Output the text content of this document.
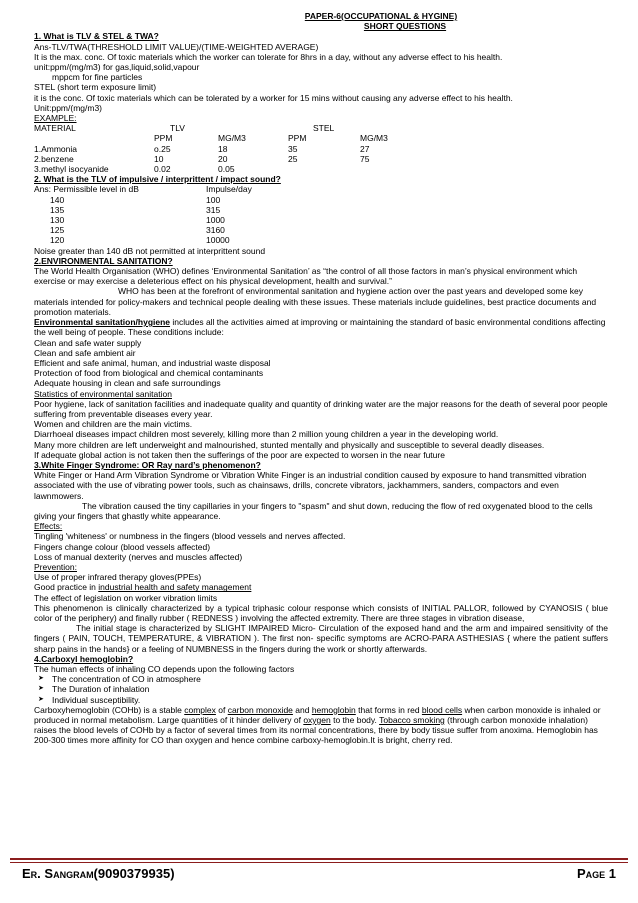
PAPER-6(OCCUPATIONAL & HYGINE)
SHORT QUESTIONS
1. What is TLV & STEL & TWA?
Ans-TLV/TWA(THRESHOLD LIMIT VALUE)/(TIME-WEIGHTED AVERAGE)
It is the max. conc. Of toxic materials which the worker can tolerate for 8hrs in a day, without any adverse effect to his health.
unit:ppm/(mg/m3) for gas,liquid,solid,vapour
mppcm for fine particles
STEL (short term exposure limit)
it is the conc. Of toxic materials which can be tolerated by a worker for 15 mins without causing any adverse effect to his health.
Unit:ppm/(mg/m3)
EXAMPLE:
MATERIAL	TLV	STEL
PPM	MG/M3	PPM	MG/M3
1.Ammonia	o.25	18	35	27
2.benzene	10	20	25	75
3.methyl isocyanide	0.02	0.05
2. What is the TLV of impulsive / interprittent / impact sound?
Ans: Permissible level in dB	Impulse/day
140	100
135	315
130	1000
125	3160
120	10000
Noise greater than 140 dB not permitted at interprittent sound
2.ENVIRONMENTAL SANITATION?
The World Health Organisation (WHO) defines ‘Environmental Sanitation’ as “the control of all those factors in man’s physical environment which exercise or may exercise a deleterious effect on his physical development, health and survival.”
WHO has been at the forefront of environmental sanitation and hygiene action over the past years and developed some key materials intended for policy-makers and technical people dealing with these issues. These materials include guidelines, best practice documents and promotion materials.
Environmental sanitation/hygiene includes all the activities aimed at improving or maintaining the standard of basic environmental conditions affecting the well being of people. These conditions include:
Clean and safe water supply
Clean and safe ambient air
Efficient and safe animal, human, and industrial waste disposal
Protection of food from biological and chemical contaminants
Adequate housing in clean and safe surroundings
Statistics of environmental sanitation
Poor hygiene, lack of sanitation facilities and inadequate quality and quantity of drinking water are the major reasons for the death of several poor people suffering from preventable diseases every year.
Women and children are the main victims.
Diarrhoeal diseases impact children most severely, killing more than 2 million young children a year in the developing world.
Many more children are left underweight and malnourished, stunted mentally and physically and susceptible to several deadly diseases.
If adequate global action is not taken then the sufferings of the poor are expected to worsen in the near future
3.White Finger Syndrome: OR Ray nard’s phenomenon?
White Finger or Hand Arm Vibration Syndrome or Vibration White Finger is an industrial condition caused by exposure to hand transmitted vibration associated with the use of vibrating power tools, such as chainsaws, drills, concrete vibrators, jackhammers, sanders, compactors and even lawnmowers.
The vibration caused the tiny capillaries in your fingers to "spasm" and shut down, reducing the flow of red oxygenated blood to the cells giving your fingers that ghastly white appearance.
Effects:
Tingling 'whiteness' or numbness in the fingers (blood vessels and nerves affected.
Fingers change colour (blood vessels affected)
Loss of manual dexterity (nerves and muscles affected)
Prevention:
Use of proper infrared therapy gloves(PPEs)
Good practice in industrial health and safety management
The effect of legislation on worker vibration limits
This phenomenon is clinically characterized by a typical triphasic colour response which consists of INITIAL PALLOR, followed by CYANOSIS ( blue color of the periphery) and finally rubber ( REDNESS ) involving the affected extremity. There are three stages in vibration disease,
The initial stage is characterized by SLIGHT IMPAIRED Micro- Circulation of the exposed hand and the arm and impaired sensitivity of the fingers ( PAIN, TOUCH, TEMPERATURE, & VIBRATION ). The first non- specific symptoms are ACRO-PARA ASTHESIAS { where the patient suffers sharp pains in the hands} or a feeling of NUMBNESS in the fingers during the work or shortly afterwards.
4.Carboxyl hemoglobin?
The human effects of inhaling CO depends upon the following factors
➤ The concentration of CO in atmosphere
➤ The Duration of inhalation
➤ Individual susceptibility.
Carboxyhemoglobin (COHb) is a stable complex of carbon monoxide and hemoglobin that forms in red blood cells when carbon monoxide is inhaled or produced in normal metabolism. Large quantities of it hinder delivery of oxygen to the body. Tobacco smoking (through carbon monoxide inhalation) raises the blood levels of COHb by a factor of several times from its normal concentrations, there by body tissue suffer from anoxima. Hemoglobin has 200-300 times more affinity for CO than oxygen and hence combine carboxy-hemoglobin.It is bright, cherry red.
Er. Sangram(9090379935)	Page 1
